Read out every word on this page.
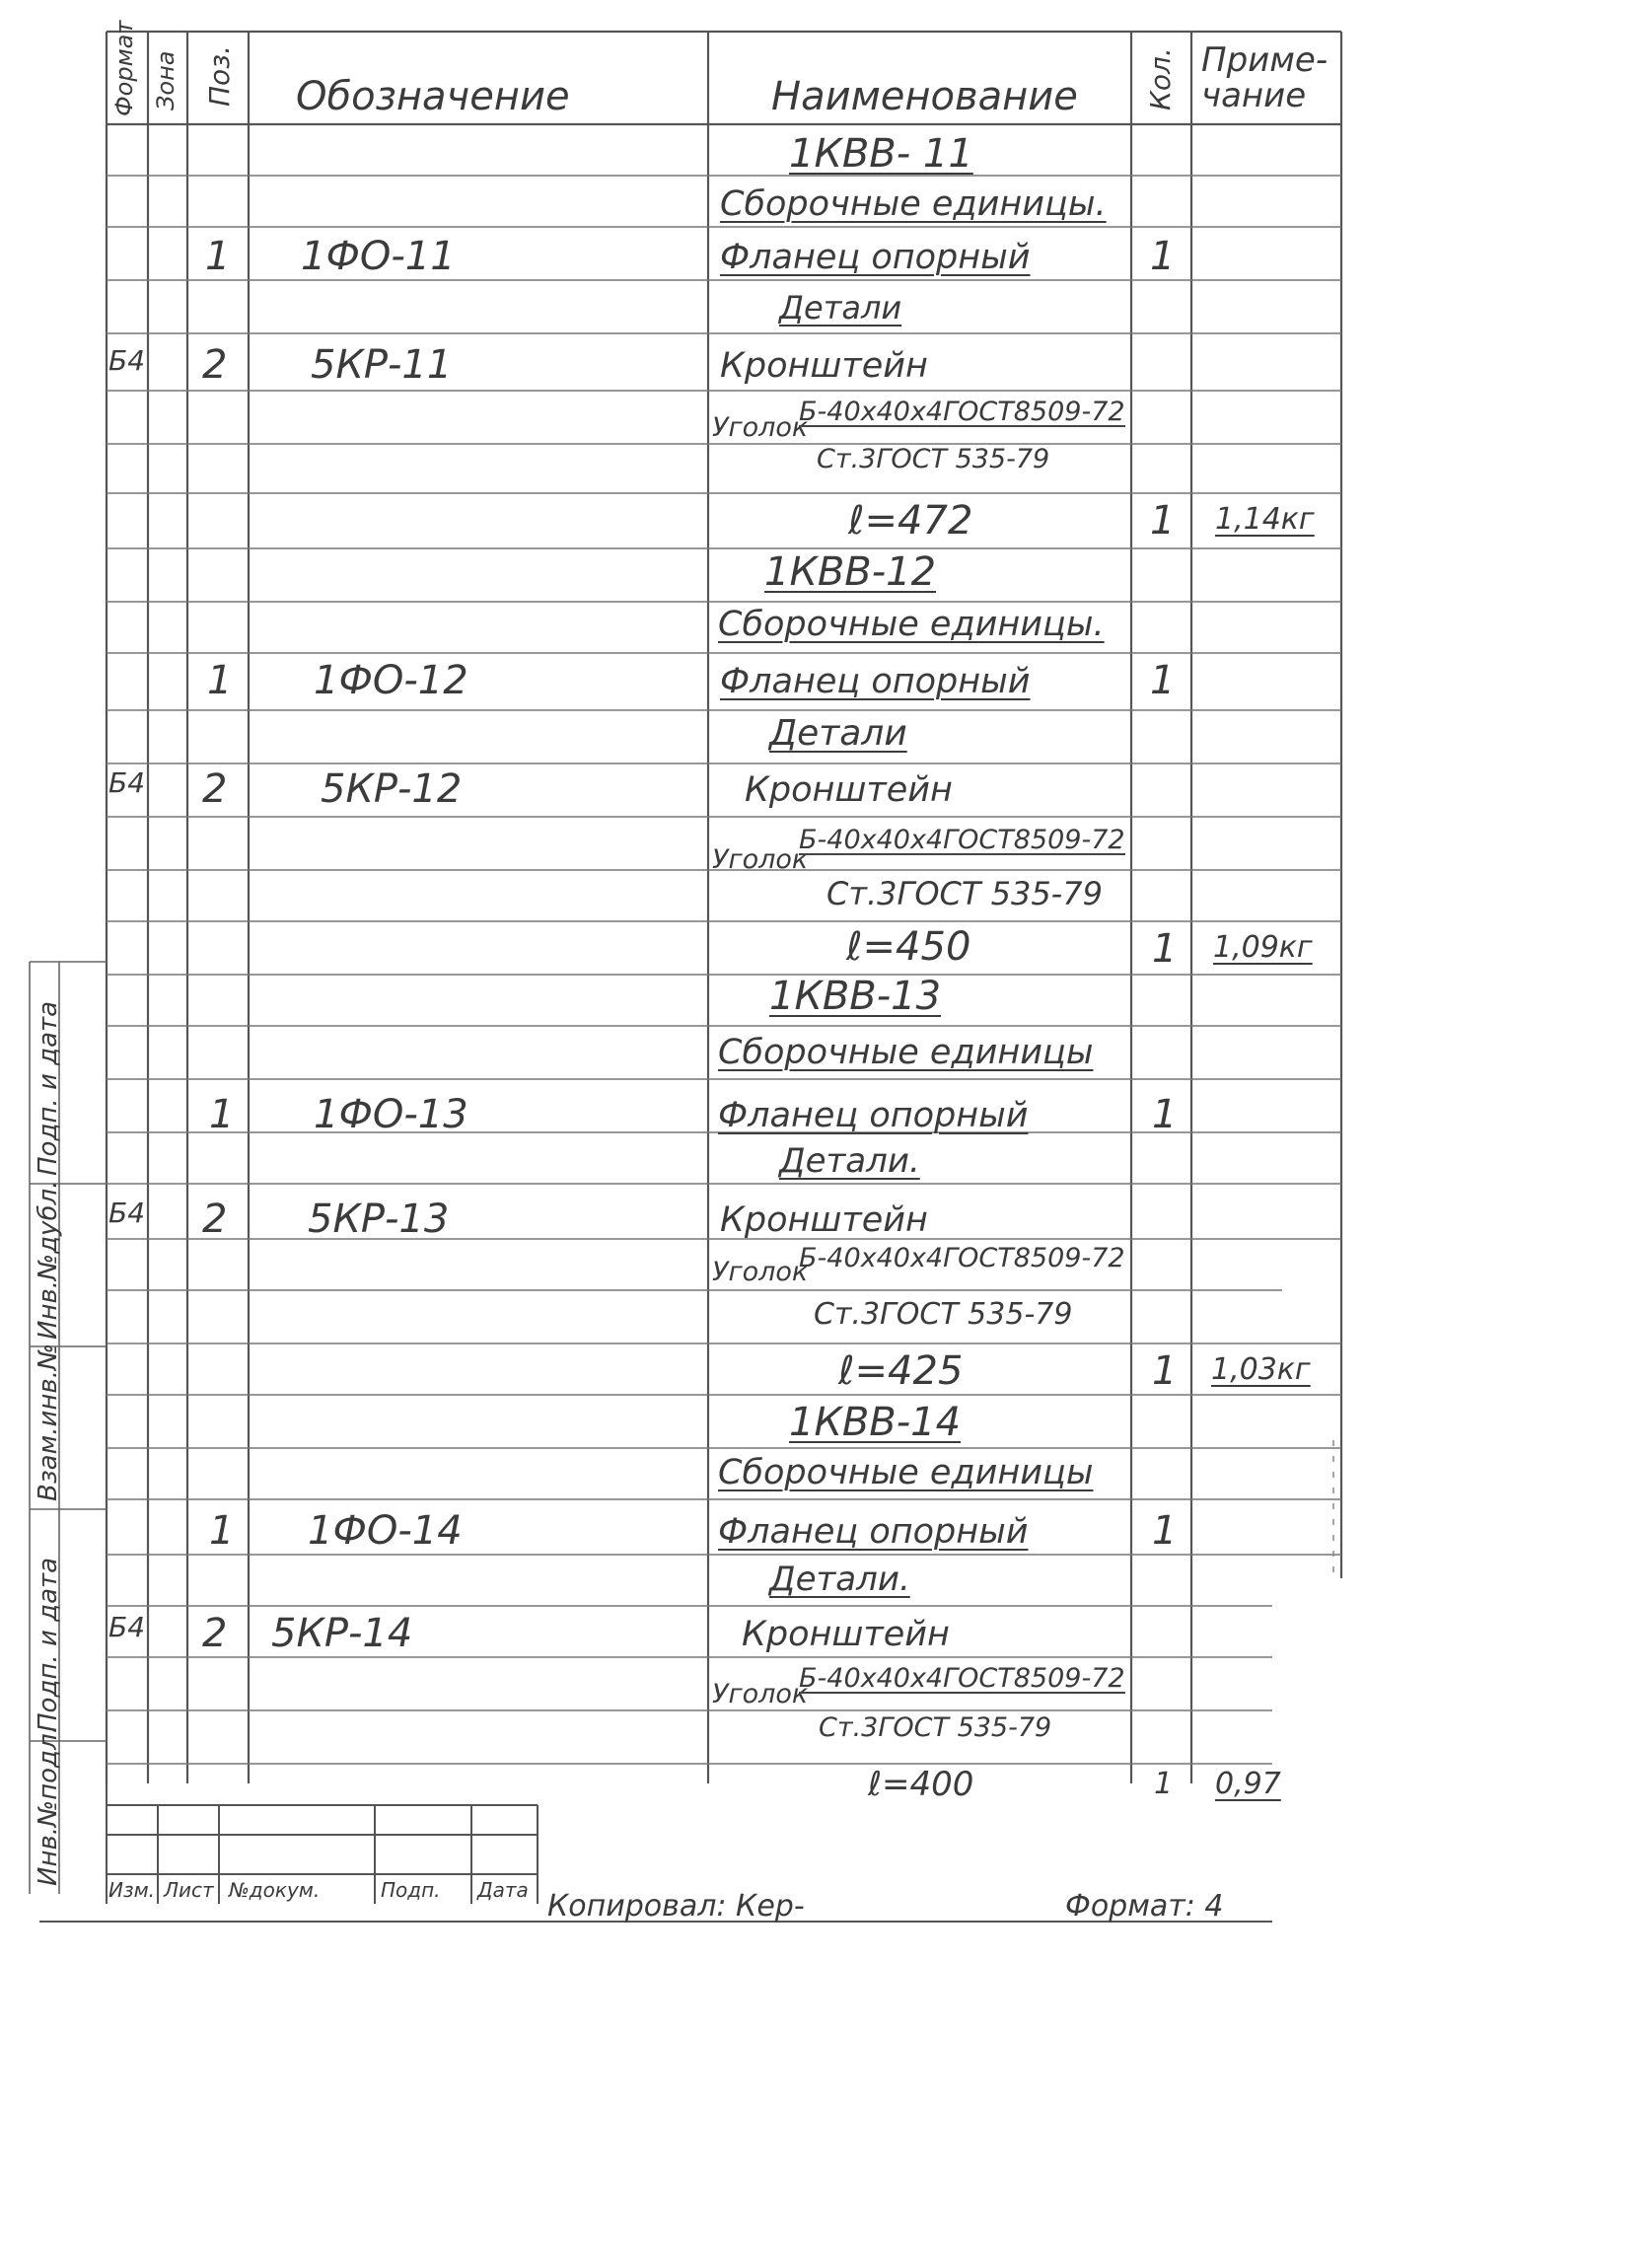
Формат Зона Поз. Обозначение	Наименование Кол. Приме-
чание
1КВВ- 11
Сборочные единицы.
1 1ФО-11	Фланец опорный	1
Детали
Б4 2 5КР-11	Кронштейн
Уголок
Б-40х40х4ГОСТ8509-72
Ст.3ГОСТ 535-79
ℓ=472	1 1,14кг
1КВВ-12
Сборочные единицы.
1 1ФО-12	Фланец опорный	1
Детали
Б4 2 5КР-12	Кронштейн
Уголок
Б-40х40х4ГОСТ8509-72
Ст.3ГОСТ 535-79
ℓ=450	1 1,09кг
1КВВ-13
Сборочные единицы
1 1ФО-13	Фланец опорный	1
Детали.
Б4 2 5КР-13	Кронштейн
Уголок
Б-40х40х4ГОСТ8509-72
Ст.3ГОСТ 535-79
ℓ=425	1 1,03кг
1КВВ-14
Сборочные единицы
1 1ФО-14	Фланец опорный	1
Детали.
Б4 2 5КР-14	Кронштейн
Уголок
Б-40х40х4ГОСТ8509-72
Ст.3ГОСТ 535-79
ℓ=400	1 0,97
Изм. Лист №докум.	Подп. Дата
Инв.№подл.
Подп. и дата
Взам.инв.№
Инв.№дубл.
Подп. и дата
Копировал: Кер-	Формат: 4
